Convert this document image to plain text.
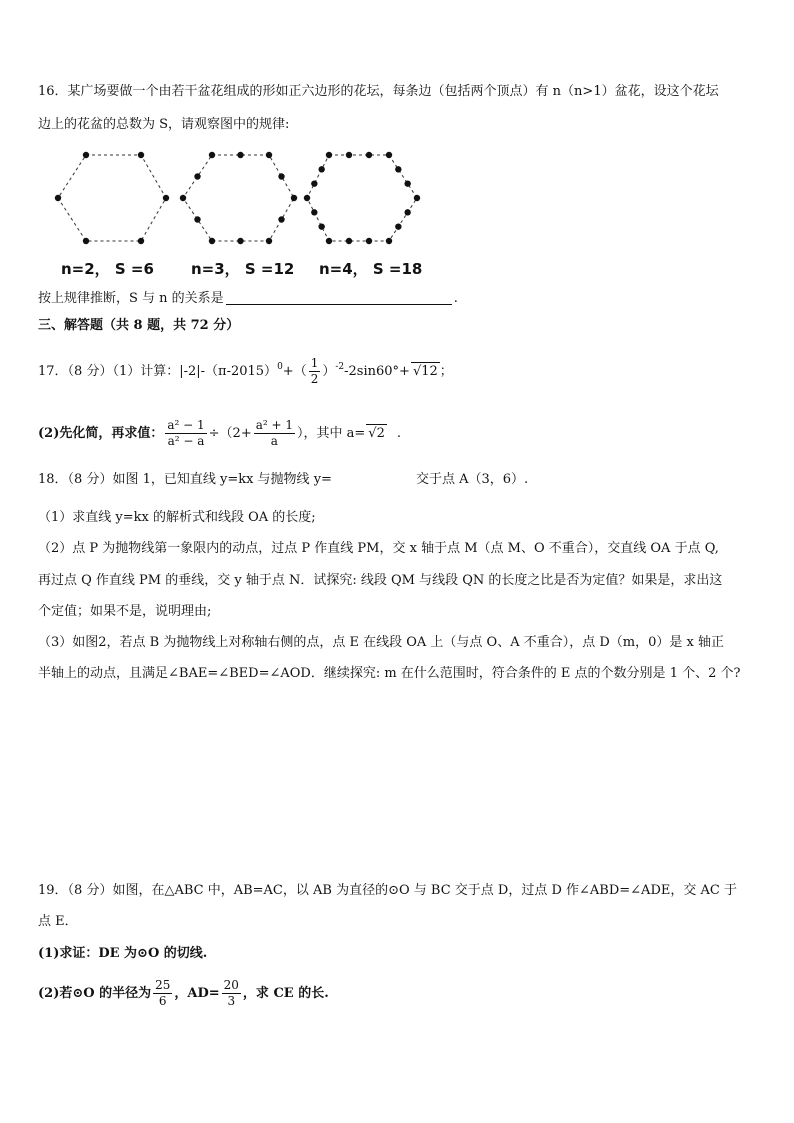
16．某广场要做一个由若干盆花组成的形如正六边形的花坛，每条边（包括两个顶点）有 n（n>1）盆花，设这个花坛
边上的花盆的总数为 S，请观察图中的规律:
n=2， S =6 n=3， S =12 n=4， S =18
按上规律推断，S 与 n 的关系是	.
三、解答题（共 8 题，共 72 分）
17．（8 分）（1）计算：$|-2|-(\pi-2015)^0+( \frac{1}{2} )^{-2}-2\sin 60^\circ+ √12$ ；
(2)先化简，再求值： $\frac{\text{a² − 1}}{\text{a² − a}} \div(2+ \frac{\text{a² + 1}}{a}$ ），其中 a= √2 .
18．（8 分）如图 1，已知直线 y=kx 与抛物线 y=	交于点 A（3，6）.
（1）求直线 y=kx 的解析式和线段 OA 的长度;
（2）点 P 为抛物线第一象限内的动点，过点 P 作直线 PM，交 x 轴于点 M（点 M、O 不重合），交直线 OA 于点 Q,
再过点 Q 作直线 PM 的垂线，交 y 轴于点 N．试探究: 线段 QM 与线段 QN 的长度之比是否为定值？如果是，求出这
个定值；如果不是，说明理由;
（3）如图2，若点 B 为抛物线上对称轴右侧的点，点 E 在线段 OA 上（与点 O、A 不重合），点 D（m，0）是 x 轴正
半轴上的动点，且满足∠BAE=∠BED=∠AOD．继续探究: m 在什么范围时，符合条件的 E 点的个数分别是 1 个、2 个?
19．（8 分）如图，在△ABC 中，AB=AC，以 AB 为直径的⊙O 与 BC 交于点 D，过点 D 作∠ABD=∠ADE，交 AC 于
点 E．
(1)求证：DE 为⊙O 的切线.
(2)若⊙O 的半径为 $\frac{25}{6}$ ，$AD= \frac{20}{3}$ ，求 CE 的长.
